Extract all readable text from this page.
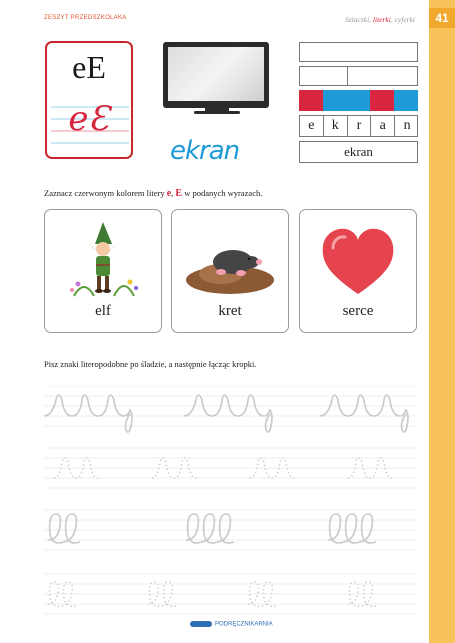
41
ZESZYT PRZEDSZKOLAKA	Szlaczki, literki, cyferki
eE
eƐ
ekran
e	k	r	a	n
ekran
Zaznacz czerwonym kolorem litery e, E w podanych wyrazach.
elf	kret	serce
Pisz znaki literopodobne po śladzie, a następnie łącząc kropki.
PODRĘCZNIKARNIA
